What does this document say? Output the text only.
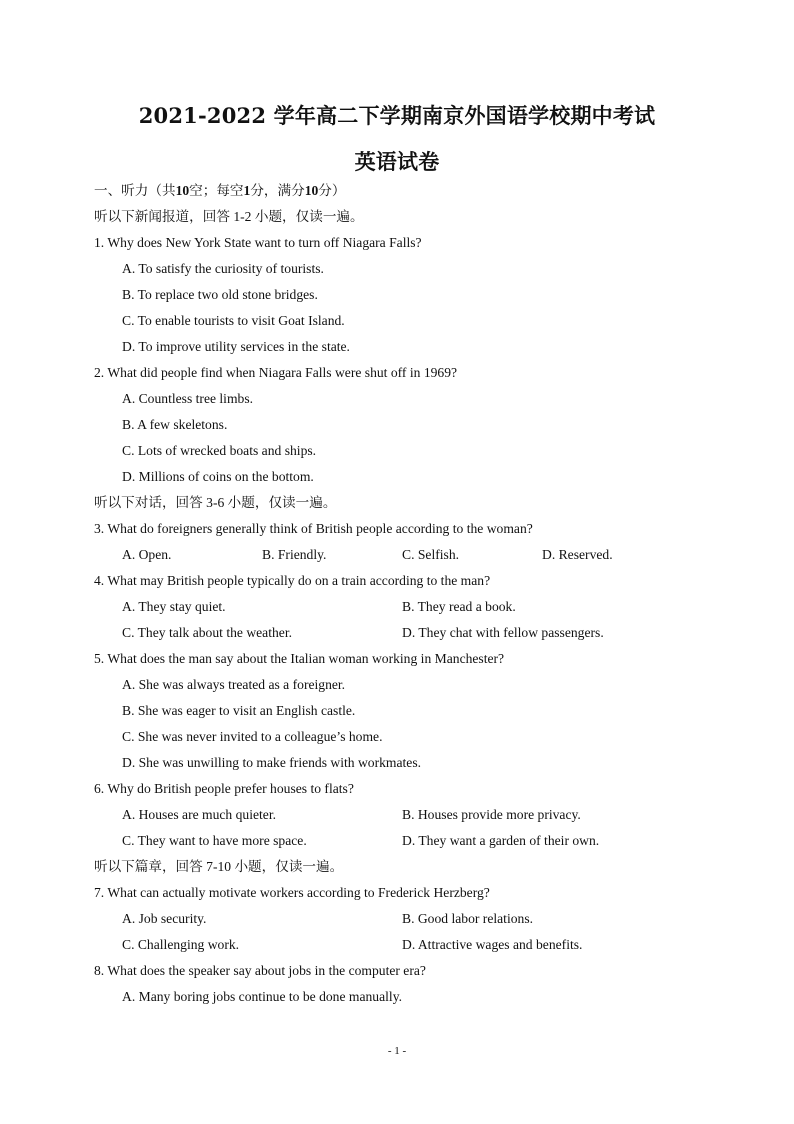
2021-2022 学年高二下学期南京外国语学校期中考试
英语试卷
一、听力（共10空；每空1分，满分10分）
听以下新闻报道，回答 1-2 小题，仅读一遍。
1. Why does New York State want to turn off Niagara Falls?
A. To satisfy the curiosity of tourists.
B. To replace two old stone bridges.
C. To enable tourists to visit Goat Island.
D. To improve utility services in the state.
2. What did people find when Niagara Falls were shut off in 1969?
A. Countless tree limbs.
B. A few skeletons.
C. Lots of wrecked boats and ships.
D. Millions of coins on the bottom.
听以下对话，回答 3-6 小题，仅读一遍。
3. What do foreigners generally think of British people according to the woman?
A. Open.	B. Friendly.	C. Selfish.	D. Reserved.
4. What may British people typically do on a train according to the man?
A. They stay quiet.	B. They read a book.
C. They talk about the weather.	D. They chat with fellow passengers.
5. What does the man say about the Italian woman working in Manchester?
A. She was always treated as a foreigner.
B. She was eager to visit an English castle.
C. She was never invited to a colleague’s home.
D. She was unwilling to make friends with workmates.
6. Why do British people prefer houses to flats?
A. Houses are much quieter.	B. Houses provide more privacy.
C. They want to have more space.	D. They want a garden of their own.
听以下篇章，回答 7-10 小题，仅读一遍。
7. What can actually motivate workers according to Frederick Herzberg?
A. Job security.	B. Good labor relations.
C. Challenging work.	D. Attractive wages and benefits.
8. What does the speaker say about jobs in the computer era?
A. Many boring jobs continue to be done manually.
- 1 -
